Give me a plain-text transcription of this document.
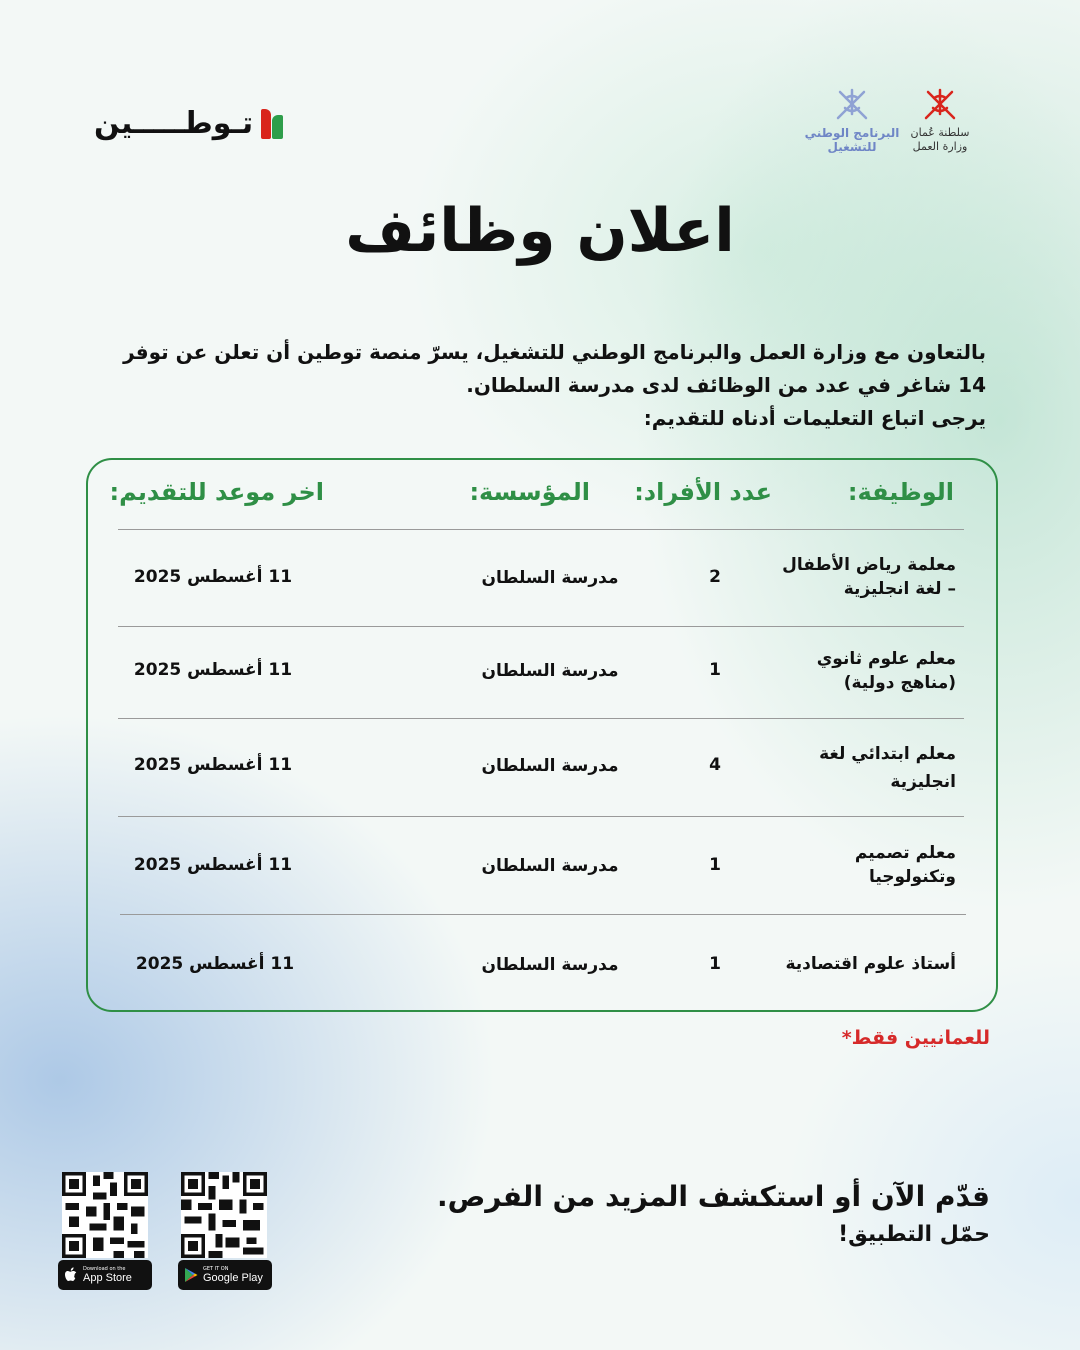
تـوطـــــين	البرنامج الوطني
للتشغيل
سلطنة عُمان
وزارة العمل
اعلان وظائف

بالتعاون مع وزارة العمل والبرنامج الوطني للتشغيل، يسرّ منصة توطين أن تعلن عن توفر

14 شاغر في عدد من الوظائف لدى مدرسة السلطان.

يرجى اتباع التعليمات أدناه للتقديم:

الوظيفة:
عدد الأفراد:
المؤسسة:
اخر موعد للتقديم:
معلمة رياض الأطفال
– لغة انجليزية
2
مدرسة السلطان
11 أغسطس 2025
معلم علوم ثانوي
(مناهج دولية)
1
مدرسة السلطان
11 أغسطس 2025
معلم ابتدائي لغة
انجليزية
4
مدرسة السلطان
11 أغسطس 2025
معلم تصميم
وتكنولوجيا
1
مدرسة السلطان
11 أغسطس 2025
أستاذ علوم اقتصادية
1
مدرسة السلطان
11 أغسطس 2025
للعمانيين فقط*
قدّم الآن أو استكشف المزيد من الفرص.
حمّل التطبيق!
Download on the
App Store
GET IT ON
Google Play
